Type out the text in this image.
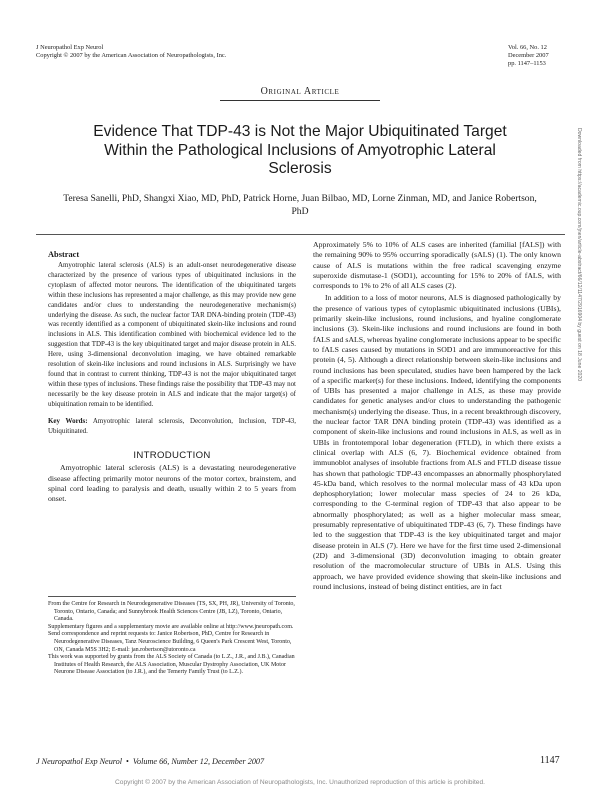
J Neuropathol Exp Neurol
Copyright © 2007 by the American Association of Neuropathologists, Inc.
Vol. 66, No. 12
December 2007
pp. 1147–1153
Original Article
Evidence That TDP-43 is Not the Major Ubiquitinated Target Within the Pathological Inclusions of Amyotrophic Lateral Sclerosis
Teresa Sanelli, PhD, Shangxi Xiao, MD, PhD, Patrick Horne, Juan Bilbao, MD, Lorne Zinman, MD, and Janice Robertson, PhD	Downloaded from https://academic.oup.com/jnen/article-abstract/66/12/1147/2916904 by guest on 18 June 2020
Abstract

Amyotrophic lateral sclerosis (ALS) is an adult-onset neurodegenerative disease characterized by the presence of various types of ubiquitinated inclusions in the cytoplasm of affected motor neurons. The identification of the ubiquitinated targets within these inclusions has represented a major challenge, as this may provide new gene candidates and/or clues to understanding the neurodegenerative mechanism(s) underlying the disease. As such, the nuclear factor TAR DNA-binding protein (TDP-43) was recently identified as a component of ubiquitinated skein-like inclusions and round inclusions in ALS. This identification combined with biochemical evidence led to the suggestion that TDP-43 is the key ubiquitinated target and major disease protein in ALS. Here, using 3-dimensional deconvolution imaging, we have obtained remarkable resolution of skein-like inclusions and round inclusions in ALS. Surprisingly we have found that in contrast to current thinking, TDP-43 is not the major ubiquitinated target within these types of inclusions. These findings raise the possibility that TDP-43 may not necessarily be the key disease protein in ALS and indicate that the major target(s) of ubiquitination remain to be identified.

Key Words: Amyotrophic lateral sclerosis, Deconvolution, Inclusion, TDP-43, Ubiquitinated.
INTRODUCTION

Amyotrophic lateral sclerosis (ALS) is a devastating neurodegenerative disease affecting primarily motor neurons of the motor cortex, brainstem, and spinal cord leading to paralysis and death, usually within 2 to 5 years from onset.

From the Centre for Research in Neurodegenerative Diseases (TS, SX, PH, JR), University of Toronto, Toronto, Ontario, Canada; and Sunnybrook Health Sciences Centre (JB, LZ), Toronto, Ontario, Canada.

Supplementary figures and a supplementary movie are available online at http://www.jneuropath.com.

Send correspondence and reprint requests to: Janice Robertson, PhD, Centre for Research in Neurodegenerative Diseases, Tanz Neuroscience Building, 6 Queen's Park Crescent West, Toronto, ON, Canada M5S 3H2; E-mail: jan.robertson@utoronto.ca

This work was supported by grants from the ALS Society of Canada (to L.Z., J.R., and J.B.), Canadian Institutes of Health Research, the ALS Association, Muscular Dystrophy Association, UK Motor Neurone Disease Association (to J.R.), and the Temerty Family Trust (to L.Z.).

Approximately 5% to 10% of ALS cases are inherited (familial [fALS]) with the remaining 90% to 95% occurring sporadically (sALS) (1). The only known cause of ALS is mutations within the free radical scavenging enzyme superoxide dismutase-1 (SOD1), accounting for 15% to 20% of fALS, with corresponds to 1% to 2% of all ALS cases (2).

In addition to a loss of motor neurons, ALS is diagnosed pathologically by the presence of various types of cytoplasmic ubiquitinated inclusions (UBIs), primarily skein-like inclusions, round inclusions, and hyaline conglomerate inclusions (3). Skein-like inclusions and round inclusions are found in both fALS and sALS, whereas hyaline conglomerate inclusions appear to be specific to fALS cases caused by mutations in SOD1 and are immunoreactive for this protein (4, 5). Although a direct relationship between skein-like inclusions and round inclusions has been speculated, studies have been hampered by the lack of a specific marker(s) for these inclusions. Indeed, identifying the components of UBIs has presented a major challenge in ALS, as these may provide candidates for genetic analyses and/or clues to understanding the pathogenic mechanism(s) underlying the disease. Thus, in a recent breakthrough discovery, the nuclear factor TAR DNA binding protein (TDP-43) was identified as a component of skein-like inclusions and round inclusions in ALS, as well as in UBIs in frontotemporal lobar degeneration (FTLD), in which there exists a clinical overlap with ALS (6, 7). Biochemical evidence obtained from immunoblot analyses of insoluble fractions from ALS and FTLD disease tissue has shown that pathologic TDP-43 encompasses an abnormally phosphorylated 45-kDa band, which resolves to the normal molecular mass of 43 kDa upon dephosphorylation; lower molecular mass species of 24 to 26 kDa, corresponding to the C-terminal region of TDP-43 that also appear to be abnormally phosphorylated; as well as a higher molecular mass smear, presumably representative of ubiquitinated TDP-43 (6, 7). These findings have led to the suggestion that TDP-43 is the key ubiquitinated target and major disease protein in ALS (7). Here we have for the first time used 2-dimensional (2D) and 3-dimensional (3D) deconvolution imaging to obtain greater resolution of the macromolecular structure of UBIs in ALS. Using this approach, we have provided evidence showing that skein-like inclusions and round inclusions, instead of being distinct entities, are in fact

J Neuropathol Exp Neurol • Volume 66, Number 12, December 2007	1147
Copyright © 2007 by the American Association of Neuropathologists, Inc. Unauthorized reproduction of this article is prohibited.
